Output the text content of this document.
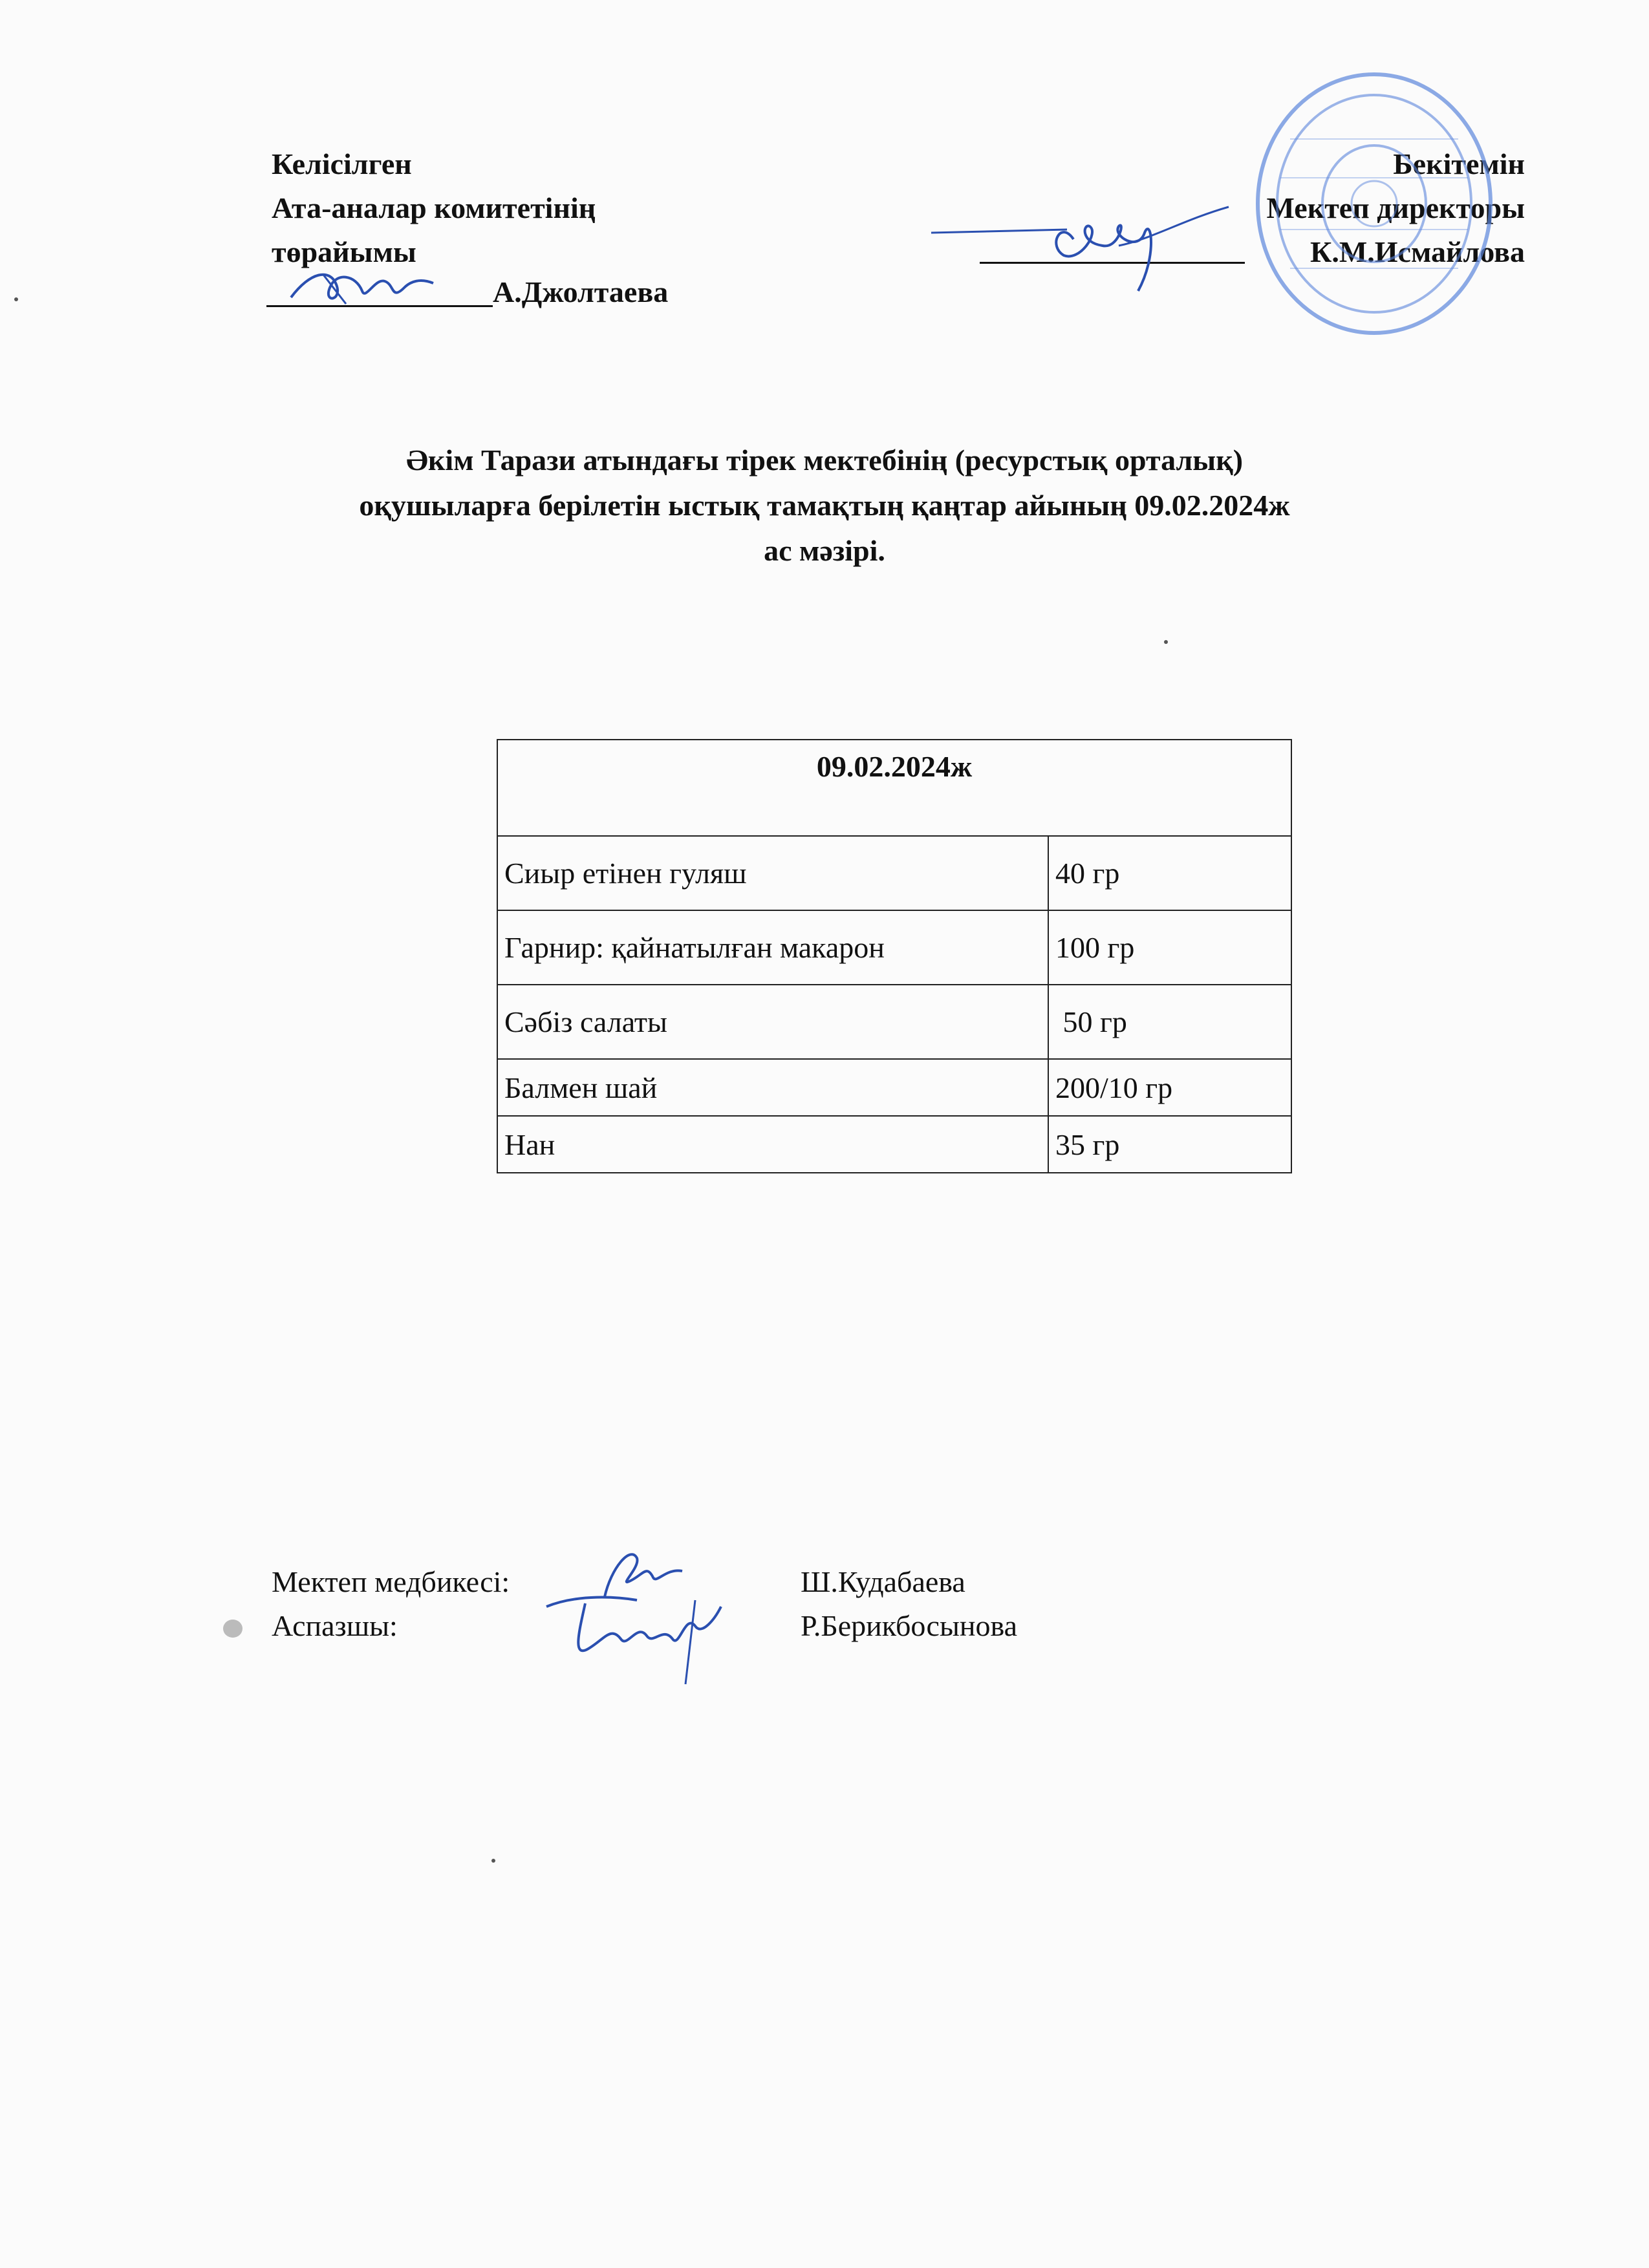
Келісілген
Ата-аналар комитетінің
төрайымы
А.Джолтаева
Бекітемін
Мектеп директоры
К.М.Исмайлова
Әкім Тарази атындағы тірек мектебінің (ресурстық орталық)
оқушыларға берілетін ыстық тамақтың қаңтар айының 09.02.2024ж
ас мәзірі.
09.02.2024ж	
Сиыр етінен гуляш	40 гр
Гарнир: қайнатылған макарон	100 гр
Сәбіз салаты	50 гр
Балмен шай	200/10 гр
Нан	35 гр
Мектеп медбикесі:	Ш.Кудабаева
Аспазшы:	Р.Берикбосынова
